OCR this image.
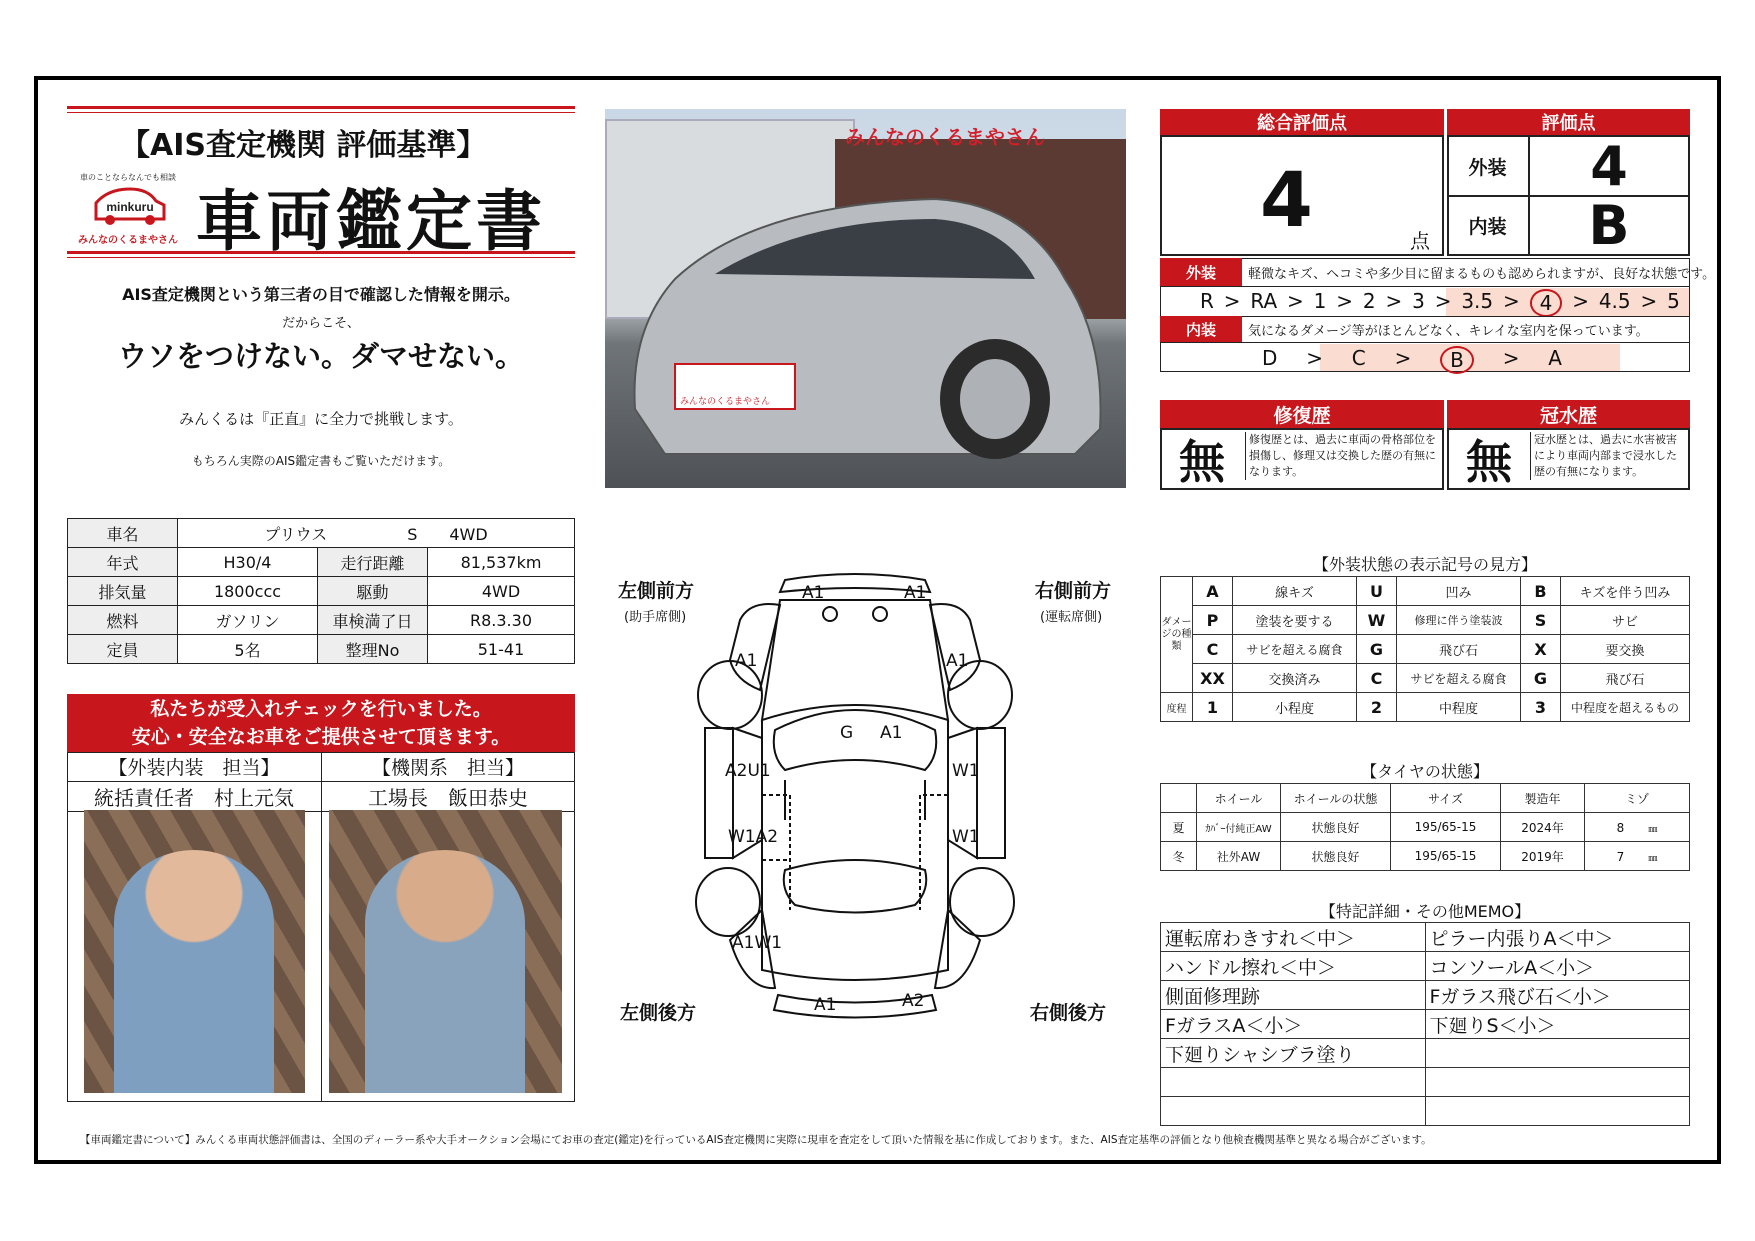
【AIS査定機関 評価基準】
車のことならなんでも相談
minkuru
みんなのくるまやさん 車両鑑定書
AIS査定機関という第三者の目で確認した情報を開示。
だからこそ、
ウソをつけない。ダマせない。
みんくるは『正直』に全力で挑戦します。
もちろん実際のAIS鑑定書もご覧いただけます。
みんなのくるまやさん
みんなのくるまやさん
総合評価点
4	点
評価点
外装	4
内装	B
外装	軽微なキズ、ヘコミや多少目に留まるものも認められますが、良好な状態です。
R > RA > 1 > 2 > 3 > 3.5 > 4 > 4.5 > 5
内装	気になるダメージ等がほとんどなく、キレイな室内を保っています。
D > C >	B	> A
修復歴
無	修復歴とは、過去に車両の骨格部位を損傷し、修理又は交換した歴の有無になります。
冠水歴
無	冠水歴とは、過去に水害被害により車両内部まで浸水した歴の有無になります。
車名	プリウス　　　　　S　　4WD		
年式	H30/4	走行距離	81,537km
排気量	1800ccc	駆動	4WD
燃料	ガソリン	車検満了日	R8.3.30
定員	5名	整理No	51-41
私たちが受入れチェックを行いました。
安心・安全なお車をご提供させて頂きます。
【外装内装　担当】	【機関系　担当】
統括責任者　村上元気	工場長　飯田恭史
左側前方
(助手席側)
右側前方
(運転席側)
左側後方	右側後方
A1	A1
A1	A1
G A1
A2U1	W1
W1A2	W1
A1W1
A1	A2
【外装状態の表示記号の見方】
ダメージの種類	A	線キズ	U	凹み	B	キズを伴う凹み
	P	塗装を要する	W	修理に伴う塗装波	S	サビ
	C	サビを超える腐食	G	飛び石	X	要交換
	XX	交換済み	C	サビを超える腐食	G	飛び石
度程	1	小程度	2	中程度	3	中程度を超えるもの
【タイヤの状態】
	ホイール	ホイールの状態	サイズ	製造年	ミゾ
夏	ｶﾊﾞｰ付純正AW	状態良好	195/65-15	2024年	8　　 ㎜
冬	社外AW	状態良好	195/65-15	2019年	7　　 ㎜
【特記詳細・その他MEMO】
運転席わきすれ＜中＞	ピラー内張りA＜中＞
ハンドル擦れ＜中＞	コンソールA＜小＞
側面修理跡	Fガラス飛び石＜小＞
FガラスA＜小＞	下廻りS＜小＞
下廻りシャシブラ塗り	

【車両鑑定書について】みんくる車両状態評価書は、全国のディーラー系や大手オークション会場にてお車の査定(鑑定)を行っているAIS査定機関に実際に現車を査定をして頂いた情報を基に作成しております。また、AIS査定基準の評価となり他検査機関基準と異なる場合がございます。
